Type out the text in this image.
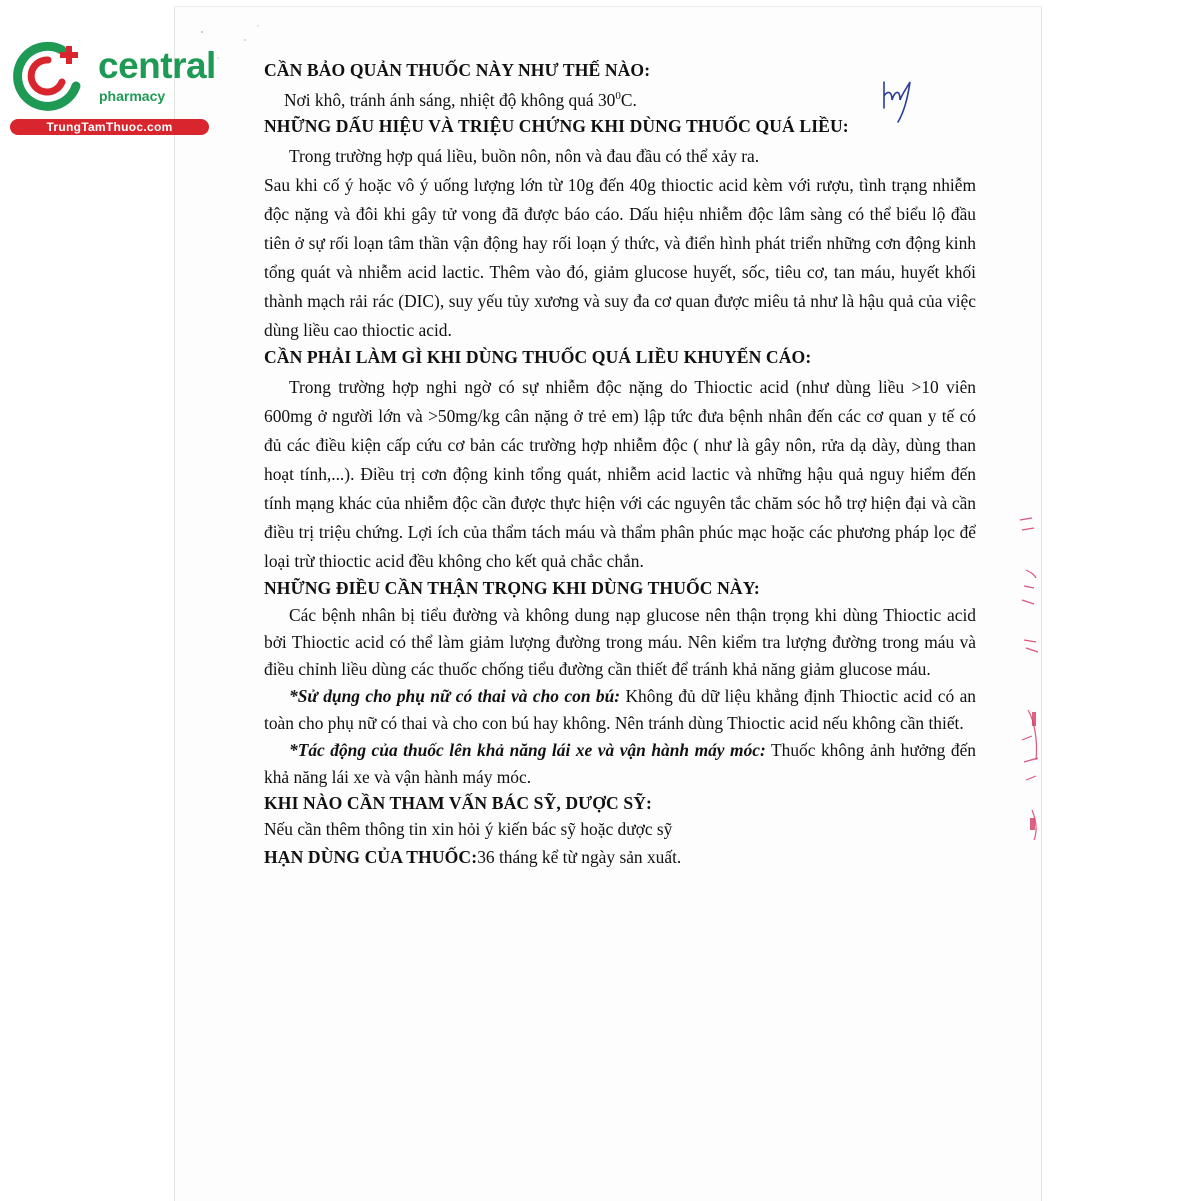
central
pharmacy
TrungTamThuoc.com

CẦN BẢO QUẢN THUỐC NÀY NHƯ THẾ NÀO:

Nơi khô, tránh ánh sáng, nhiệt độ không quá $30^0C$.

NHỮNG DẤU HIỆU VÀ TRIỆU CHỨNG KHI DÙNG THUỐC QUÁ LIỀU:

Trong trường hợp quá liều, buồn nôn, nôn và đau đầu có thể xảy ra.

Sau khi cố ý hoặc vô ý uống lượng lớn từ 10g đến 40g thioctic acid kèm với rượu, tình trạng nhiễm độc nặng và đôi khi gây tử vong đã được báo cáo. Dấu hiệu nhiễm độc lâm sàng có thể biểu lộ đầu tiên ở sự rối loạn tâm thần vận động hay rối loạn ý thức, và điển hình phát triển những cơn động kinh tổng quát và nhiễm acid lactic. Thêm vào đó, giảm glucose huyết, sốc, tiêu cơ, tan máu, huyết khối thành mạch rải rác (DIC), suy yếu tủy xương và suy đa cơ quan được miêu tả như là hậu quả của việc dùng liều cao thioctic acid.

CẦN PHẢI LÀM GÌ KHI DÙNG THUỐC QUÁ LIỀU KHUYẾN CÁO:

Trong trường hợp nghi ngờ có sự nhiễm độc nặng do Thioctic acid (như dùng liều >10 viên 600mg ở người lớn và >50mg/kg cân nặng ở trẻ em) lập tức đưa bệnh nhân đến các cơ quan y tế có đủ các điều kiện cấp cứu cơ bản các trường hợp nhiễm độc ( như là gây nôn, rửa dạ dày, dùng than hoạt tính,...). Điều trị cơn động kinh tổng quát, nhiễm acid lactic và những hậu quả nguy hiểm đến tính mạng khác của nhiễm độc cần được thực hiện với các nguyên tắc chăm sóc hỗ trợ hiện đại và cần điều trị triệu chứng. Lợi ích của thẩm tách máu và thẩm phân phúc mạc hoặc các phương pháp lọc để loại trừ thioctic acid đều không cho kết quả chắc chắn.

NHỮNG ĐIỀU CẦN THẬN TRỌNG KHI DÙNG THUỐC NÀY:

Các bệnh nhân bị tiểu đường và không dung nạp glucose nên thận trọng khi dùng Thioctic acid bởi Thioctic acid có thể làm giảm lượng đường trong máu. Nên kiểm tra lượng đường trong máu và điều chỉnh liều dùng các thuốc chống tiểu đường cần thiết để tránh khả năng giảm glucose máu.

*Sử dụng cho phụ nữ có thai và cho con bú: Không đủ dữ liệu khẳng định Thioctic acid có an toàn cho phụ nữ có thai và cho con bú hay không. Nên tránh dùng Thioctic acid nếu không cần thiết.

*Tác động của thuốc lên khả năng lái xe và vận hành máy móc: Thuốc không ảnh hưởng đến khả năng lái xe và vận hành máy móc.

KHI NÀO CẦN THAM VẤN BÁC SỸ, DƯỢC SỸ:

Nếu cần thêm thông tin xin hỏi ý kiến bác sỹ hoặc dược sỹ

HẠN DÙNG CỦA THUỐC:36 tháng kể từ ngày sản xuất.
